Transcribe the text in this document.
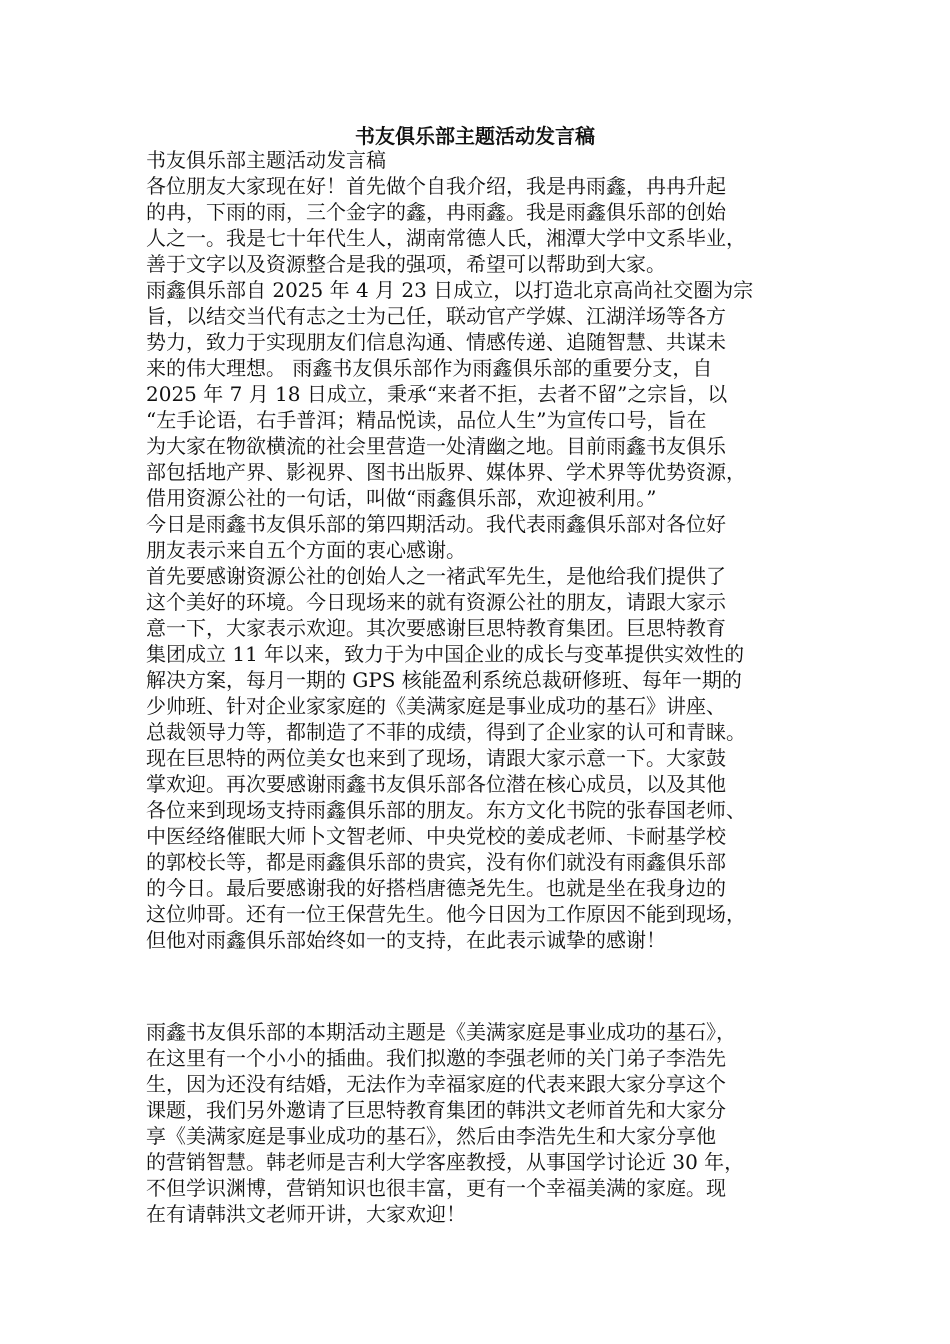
书友俱乐部主题活动发言稿

书友俱乐部主题活动发言稿

各位朋友大家现在好！首先做个自我介绍，我是冉雨鑫，冉冉升起

的冉，下雨的雨，三个金字的鑫，冉雨鑫。我是雨鑫俱乐部的创始

人之一。我是七十年代生人，湖南常德人氏，湘潭大学中文系毕业，

善于文字以及资源整合是我的强项，希望可以帮助到大家。

雨鑫俱乐部自 2025 年 4 月 23 日成立，以打造北京高尚社交圈为宗

旨，以结交当代有志之士为己任，联动官产学媒、江湖洋场等各方

势力，致力于实现朋友们信息沟通、情感传递、追随智慧、共谋未

来的伟大理想。 雨鑫书友俱乐部作为雨鑫俱乐部的重要分支，自

2025 年 7 月 18 日成立，秉承“来者不拒，去者不留”之宗旨，以

“左手论语，右手普洱；精品悦读，品位人生”为宣传口号，旨在

为大家在物欲横流的社会里营造一处清幽之地。目前雨鑫书友俱乐

部包括地产界、影视界、图书出版界、媒体界、学术界等优势资源，

借用资源公社的一句话，叫做“雨鑫俱乐部，欢迎被利用。”

今日是雨鑫书友俱乐部的第四期活动。我代表雨鑫俱乐部对各位好

朋友表示来自五个方面的衷心感谢。

首先要感谢资源公社的创始人之一褚武军先生，是他给我们提供了

这个美好的环境。今日现场来的就有资源公社的朋友，请跟大家示

意一下，大家表示欢迎。其次要感谢巨思特教育集团。巨思特教育

集团成立 11 年以来，致力于为中国企业的成长与变革提供实效性的

解决方案，每月一期的 GPS 核能盈利系统总裁研修班、每年一期的

少帅班、针对企业家家庭的《美满家庭是事业成功的基石》讲座、

总裁领导力等，都制造了不菲的成绩，得到了企业家的认可和青睐。

现在巨思特的两位美女也来到了现场，请跟大家示意一下。大家鼓

掌欢迎。再次要感谢雨鑫书友俱乐部各位潜在核心成员，以及其他

各位来到现场支持雨鑫俱乐部的朋友。东方文化书院的张春国老师、

中医经络催眠大师卜文智老师、中央党校的姜成老师、卡耐基学校

的郭校长等，都是雨鑫俱乐部的贵宾，没有你们就没有雨鑫俱乐部

的今日。最后要感谢我的好搭档唐德尧先生。也就是坐在我身边的

这位帅哥。还有一位王保营先生。他今日因为工作原因不能到现场，

但他对雨鑫俱乐部始终如一的支持，在此表示诚挚的感谢！

雨鑫书友俱乐部的本期活动主题是《美满家庭是事业成功的基石》，

在这里有一个小小的插曲。我们拟邀的李强老师的关门弟子李浩先

生，因为还没有结婚，无法作为幸福家庭的代表来跟大家分享这个

课题，我们另外邀请了巨思特教育集团的韩洪文老师首先和大家分

享《美满家庭是事业成功的基石》，然后由李浩先生和大家分享他

的营销智慧。韩老师是吉利大学客座教授，从事国学讨论近 30 年，

不但学识渊博，营销知识也很丰富，更有一个幸福美满的家庭。现

在有请韩洪文老师开讲，大家欢迎！
